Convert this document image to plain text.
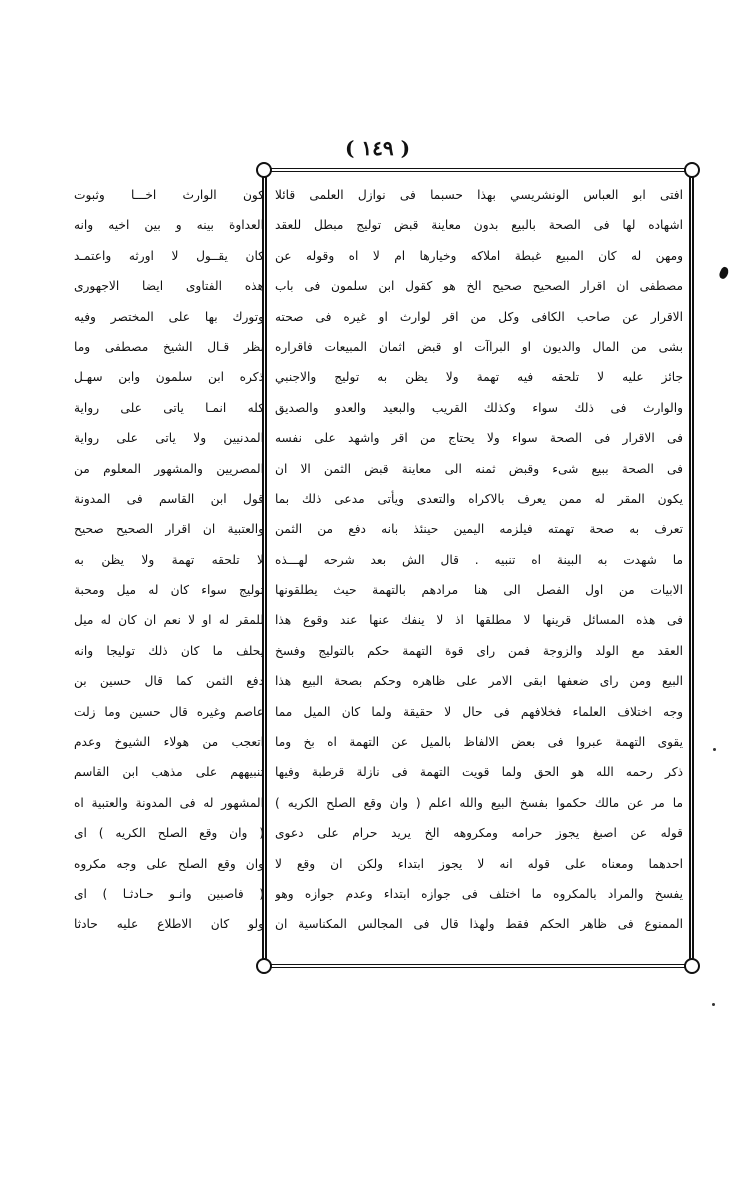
( ١٤٩ )
افتى ابو العباس الونشريسي بهذا حسبما فى نوازل العلمى قائلا
اشهاده لها فى الصحة بالبيع بدون معاينة قبض توليج مبطل للعقد
ومهن له كان المبيع غبطة املاكه وخيارها ام لا اه وقوله عن
مصطفى ان اقرار الصحيح صحيح الخ هو كقول ابن سلمون فى باب
الاقرار عن صاحب الكافى وكل من اقر لوارث او غيره فى صحته
بشى من المال والديون او البراآت او قبض اثمان المبيعات فاقراره
جائز عليه لا تلحقه فيه تهمة ولا يظن به توليج والاجنبي
والوارث فى ذلك سواء وكذلك القريب والبعيد والعدو والصديق
فى الاقرار فى الصحة سواء ولا يحتاج من اقر واشهد على نفسه
فى الصحة ببيع شىء وقبض ثمنه الى معاينة قبض الثمن الا ان
يكون المقر له ممن يعرف بالاكراه والتعدى ويأتى مدعى ذلك بما
تعرف به صحة تهمته فيلزمه اليمين حينئذ بانه دفع من الثمن
ما شهدت به البينة اه تنبيه . قال الش بعد شرحه لهـــذه
الابيات من اول الفصل الى هنا مرادهم بالتهمة حيث يطلقونها
فى هذه المسائل قرينها لا مطلقها اذ لا ينفك عنها عند وقوع هذا
العقد مع الولد والزوجة فمن راى قوة التهمة حكم بالتوليج وفسخ
البيع ومن راى ضعفها ابقى الامر على ظاهره وحكم بصحة البيع هذا
وجه اختلاف العلماء فخلافهم فى حال لا حقيقة ولما كان الميل مما
يقوى التهمة عبروا فى بعض الالفاظ بالميل عن التهمة اه بخ وما
ذكر رحمه الله هو الحق ولما قويت التهمة فى نازلة قرطبة وفيها
ما مر عن مالك حكموا بفسخ البيع والله اعلم ( وان وقع الصلح الكريه )
قوله عن اصبغ يجوز حرامه ومكروهه الخ يريد حرام على دعوى
احدهما ومعناه على قوله انه لا يجوز ابتداء ولكن ان وقع لا
يفسخ والمراد بالمكروه ما اختلف فى جوازه ابتداء وعدم جوازه وهو
الممنوع فى ظاهر الحكم فقط ولهذا قال فى المجالس المكناسية ان
كون الوارث اخـــا وثبوت
العداوة بينه و بين اخيه وانه
كان يقــول لا اورثه واعتمـد
هذه الفتاوى ايضا الاجهورى
وتورك بها على المختصر وفيه
نظر قـال الشيخ مصطفى وما
ذكره ابن سلمون وابن سهـل
كله انمـا ياتى على رواية
المدنيين ولا ياتى على رواية
المصريين والمشهور المعلوم من
قول ابن القاسم فى المدونة
والعتبية ان اقرار الصحيح صحيح
لا تلحقه تهمة ولا يظن به
توليج سواء كان له ميل ومحبة
للمقر له او لا نعم ان كان له ميل
يحلف ما كان ذلك توليجا وانه
دفع الثمن كما قال حسين بن
عاصم وغيره قال حسين وما زلت
اتعجب من هولاء الشيوخ وعدم
تنبيههم على مذهب ابن القاسم
المشهور له فى المدونة والعتبية اه
( وان وقع الصلح الكريه ) اى
وان وقع الصلح على وجه مكروه
( فاصبين وانـو حـادثـا ) اى
ولو كان الاطلاع عليه حادثا
